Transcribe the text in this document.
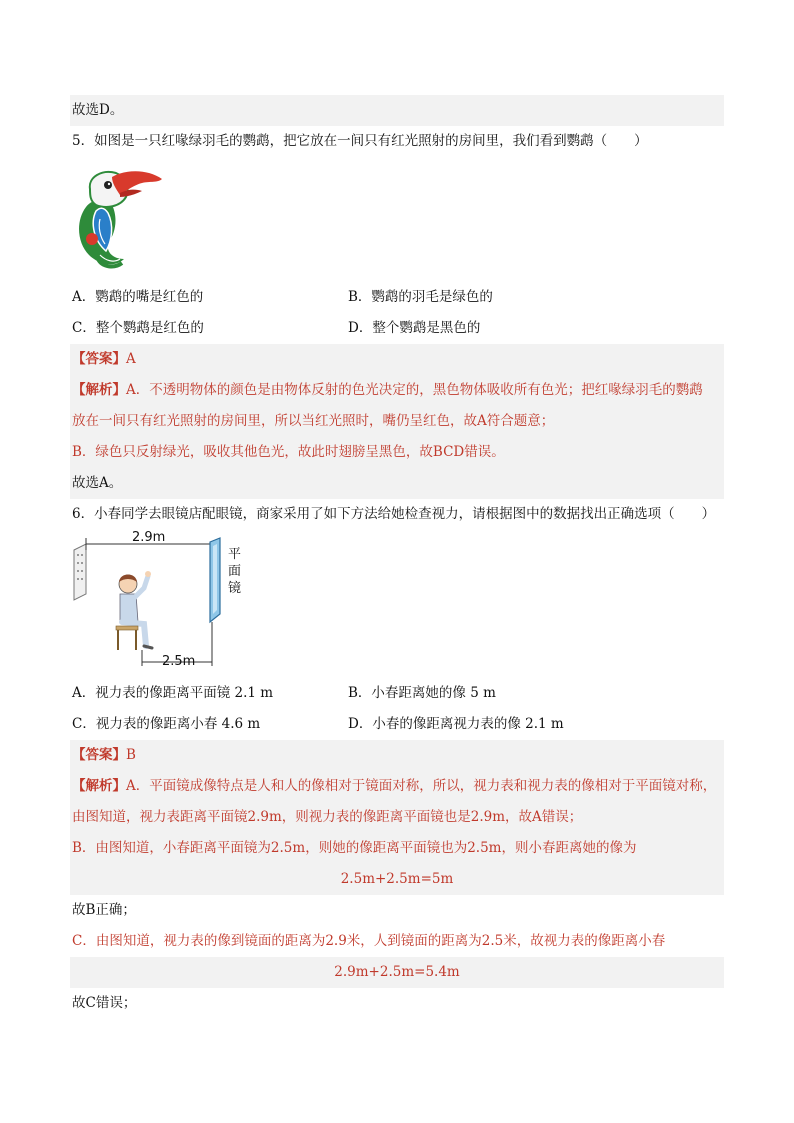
故选D。
5．如图是一只红喙绿羽毛的鹦鹉，把它放在一间只有红光照射的房间里，我们看到鹦鹉（　　）
A．鹦鹉的嘴是红色的	B．鹦鹉的羽毛是绿色的
C．整个鹦鹉是红色的	D．整个鹦鹉是黑色的
【答案】A
【解析】A．不透明物体的颜色是由物体反射的色光决定的，黑色物体吸收所有色光；把红喙绿羽毛的鹦鹉
放在一间只有红光照射的房间里，所以当红光照时，嘴仍呈红色，故A符合题意；
B．绿色只反射绿光，吸收其他色光，故此时翅膀呈黑色，故BCD错误。
故选A。
6．小春同学去眼镜店配眼镜，商家采用了如下方法给她检查视力，请根据图中的数据找出正确选项（　　）
2.9m
2.5m
平
面
镜
A．视力表的像距离平面镜 2.1 m	B．小春距离她的像 5 m
C．视力表的像距离小春 4.6 m	D．小春的像距离视力表的像 2.1 m
【答案】B
【解析】A．平面镜成像特点是人和人的像相对于镜面对称，所以，视力表和视力表的像相对于平面镜对称，
由图知道，视力表距离平面镜2.9m，则视力表的像距离平面镜也是2.9m，故A错误；
B．由图知道，小春距离平面镜为2.5m，则她的像距离平面镜也为2.5m，则小春距离她的像为
2.5m+2.5m=5m
故B正确；
C．由图知道，视力表的像到镜面的距离为2.9米，人到镜面的距离为2.5米，故视力表的像距离小春
2.9m+2.5m=5.4m
故C错误；
